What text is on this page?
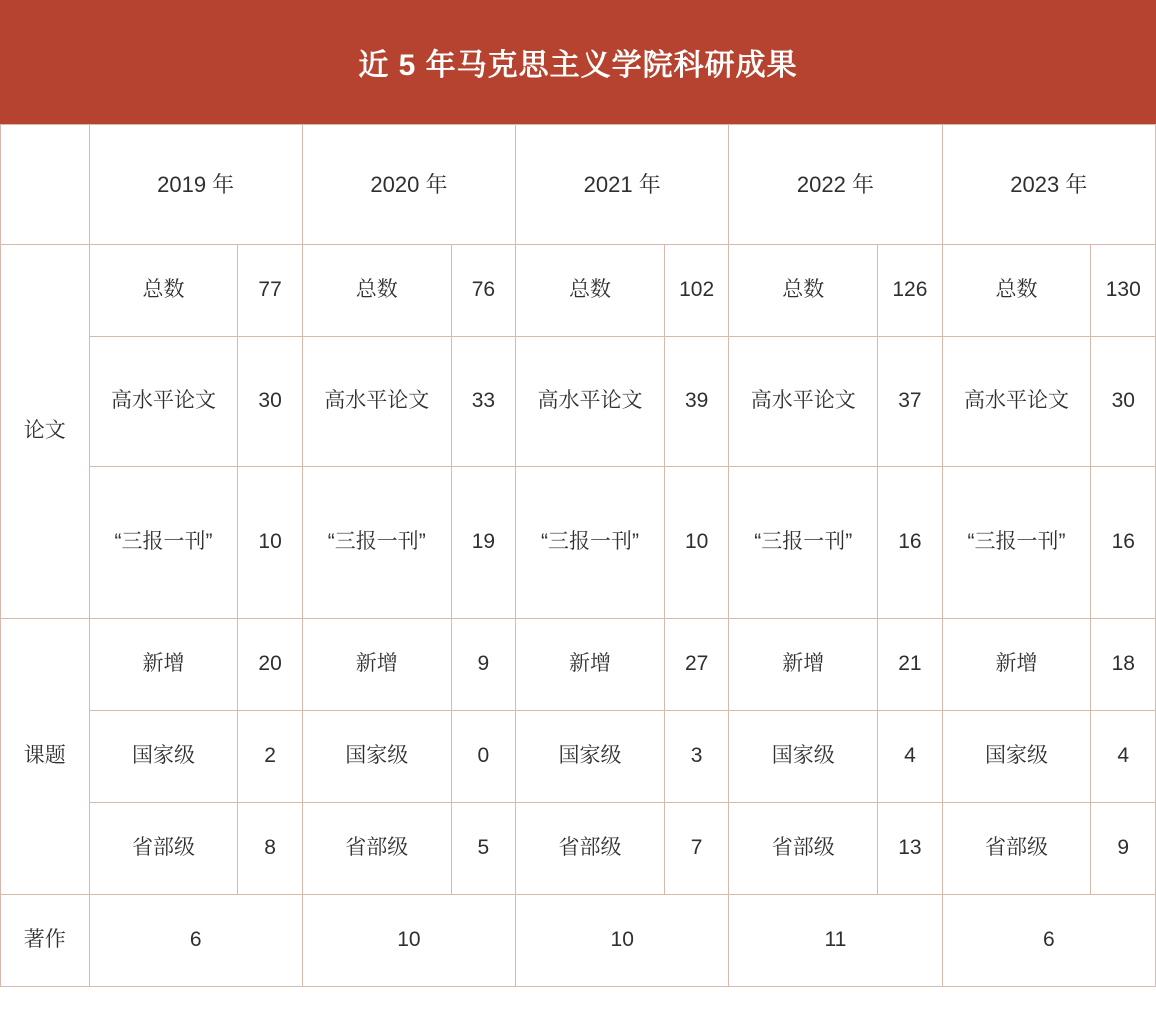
近 5 年马克思主义学院科研成果
	2019 年		2020 年		2021 年		2022 年		2023 年	
论文	总数	77	总数	76	总数	102	总数	126	总数	130
	高水平论文	30	高水平论文	33	高水平论文	39	高水平论文	37	高水平论文	30
	“三报一刊”	10	“三报一刊”	19	“三报一刊”	10	“三报一刊”	16	“三报一刊”	16
课题	新增	20	新增	9	新增	27	新增	21	新增	18
	国家级	2	国家级	0	国家级	3	国家级	4	国家级	4
	省部级	8	省部级	5	省部级	7	省部级	13	省部级	9
著作	6		10		10		11		6	
